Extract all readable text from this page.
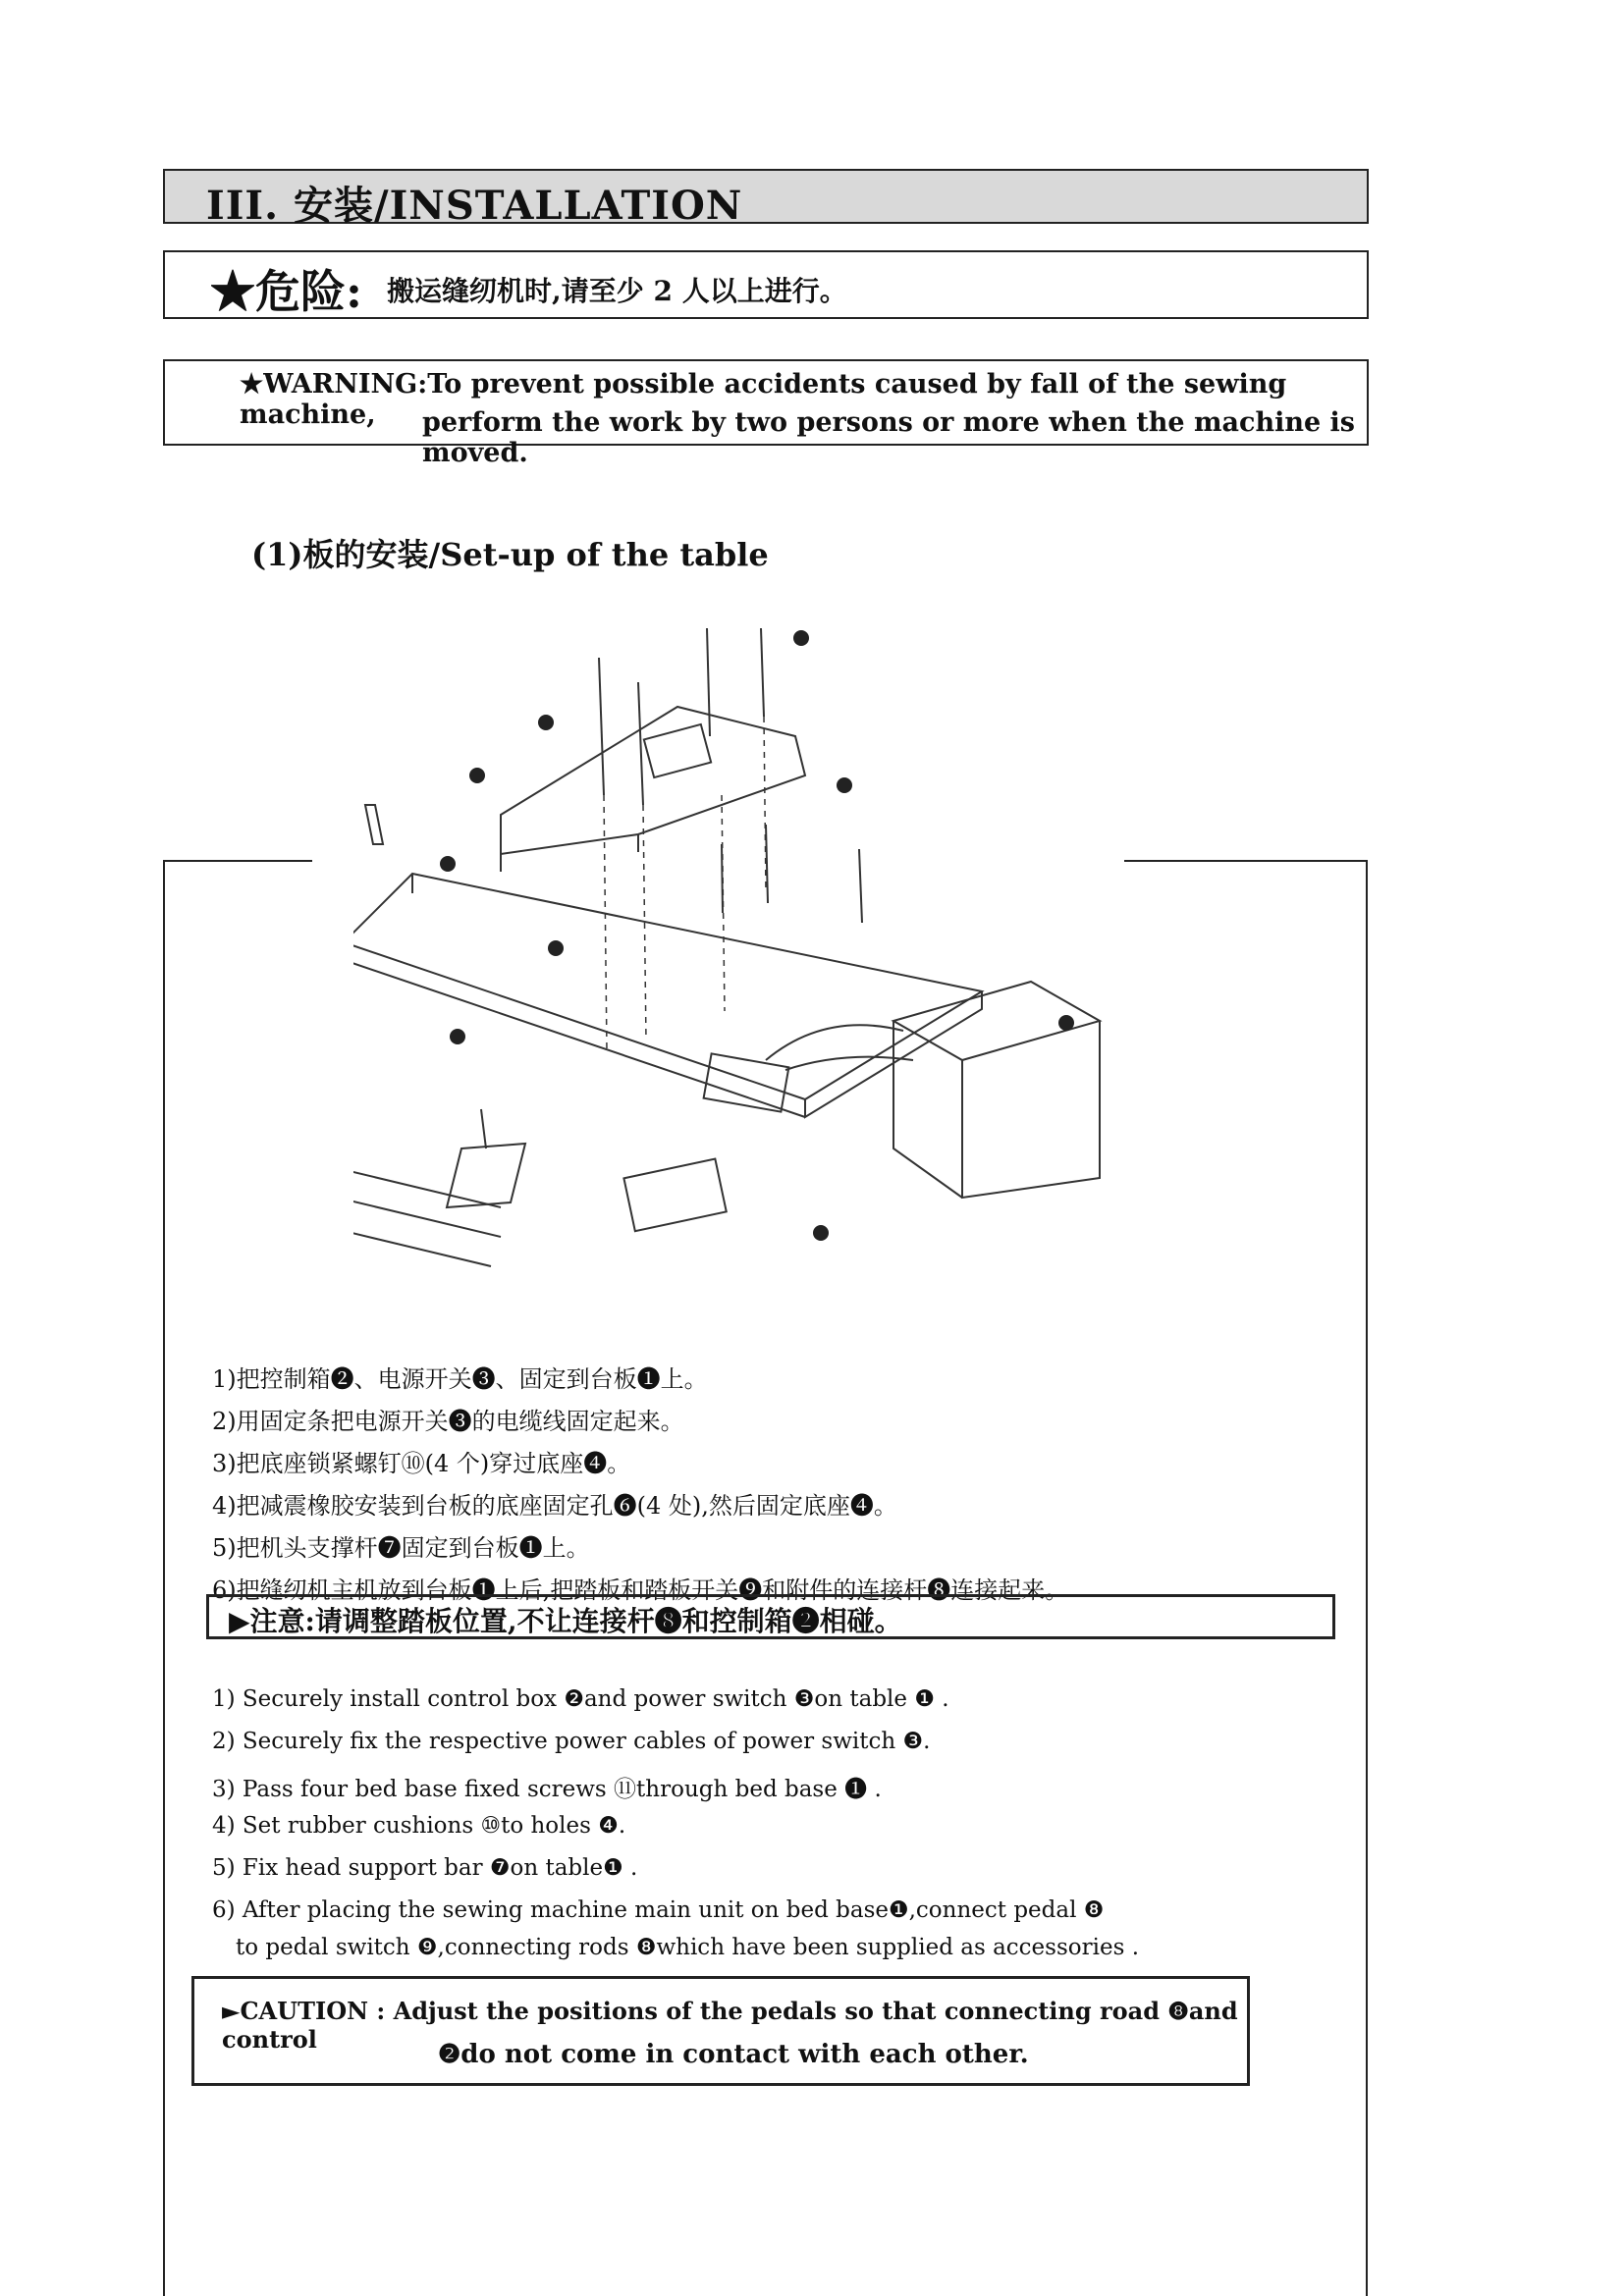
III. 安装/INSTALLATION
★危险: 搬运缝纫机时,请至少 2 人以上进行。
★WARNING:To prevent possible accidents caused by fall of the sewing machine,	perform the work by two persons or more when the machine is moved.
(1)板的安装/Set-up of the table
1)把控制箱❷、电源开关❸、固定到台板❶上。
2)用固定条把电源开关❸的电缆线固定起来。
3)把底座锁紧螺钉⑩(4 个)穿过底座❹。
4)把减震橡胶安装到台板的底座固定孔❻(4 处),然后固定底座❹。
5)把机头支撑杆❼固定到台板❶上。
6)把缝纫机主机放到台板❶上后,把踏板和踏板开关❾和附件的连接杆❽连接起来。
▶注意:请调整踏板位置,不让连接杆❽和控制箱❷相碰。
1) Securely install control box ❷and power switch ❸on table ❶ .
2) Securely fix the respective power cables of power switch ❸.
3) Pass four bed base fixed screws ⑪through bed base ❶ .
4) Set rubber cushions ⑩to holes ❹.
5) Fix head support bar ❼on table❶ .
6) After placing the sewing machine main unit on bed base❶,connect pedal ❽
to pedal switch ❾,connecting rods ❽which have been supplied as accessories .
►CAUTION : Adjust the positions of the pedals so that connecting road ❽and control
❷do not come in contact with each other.
